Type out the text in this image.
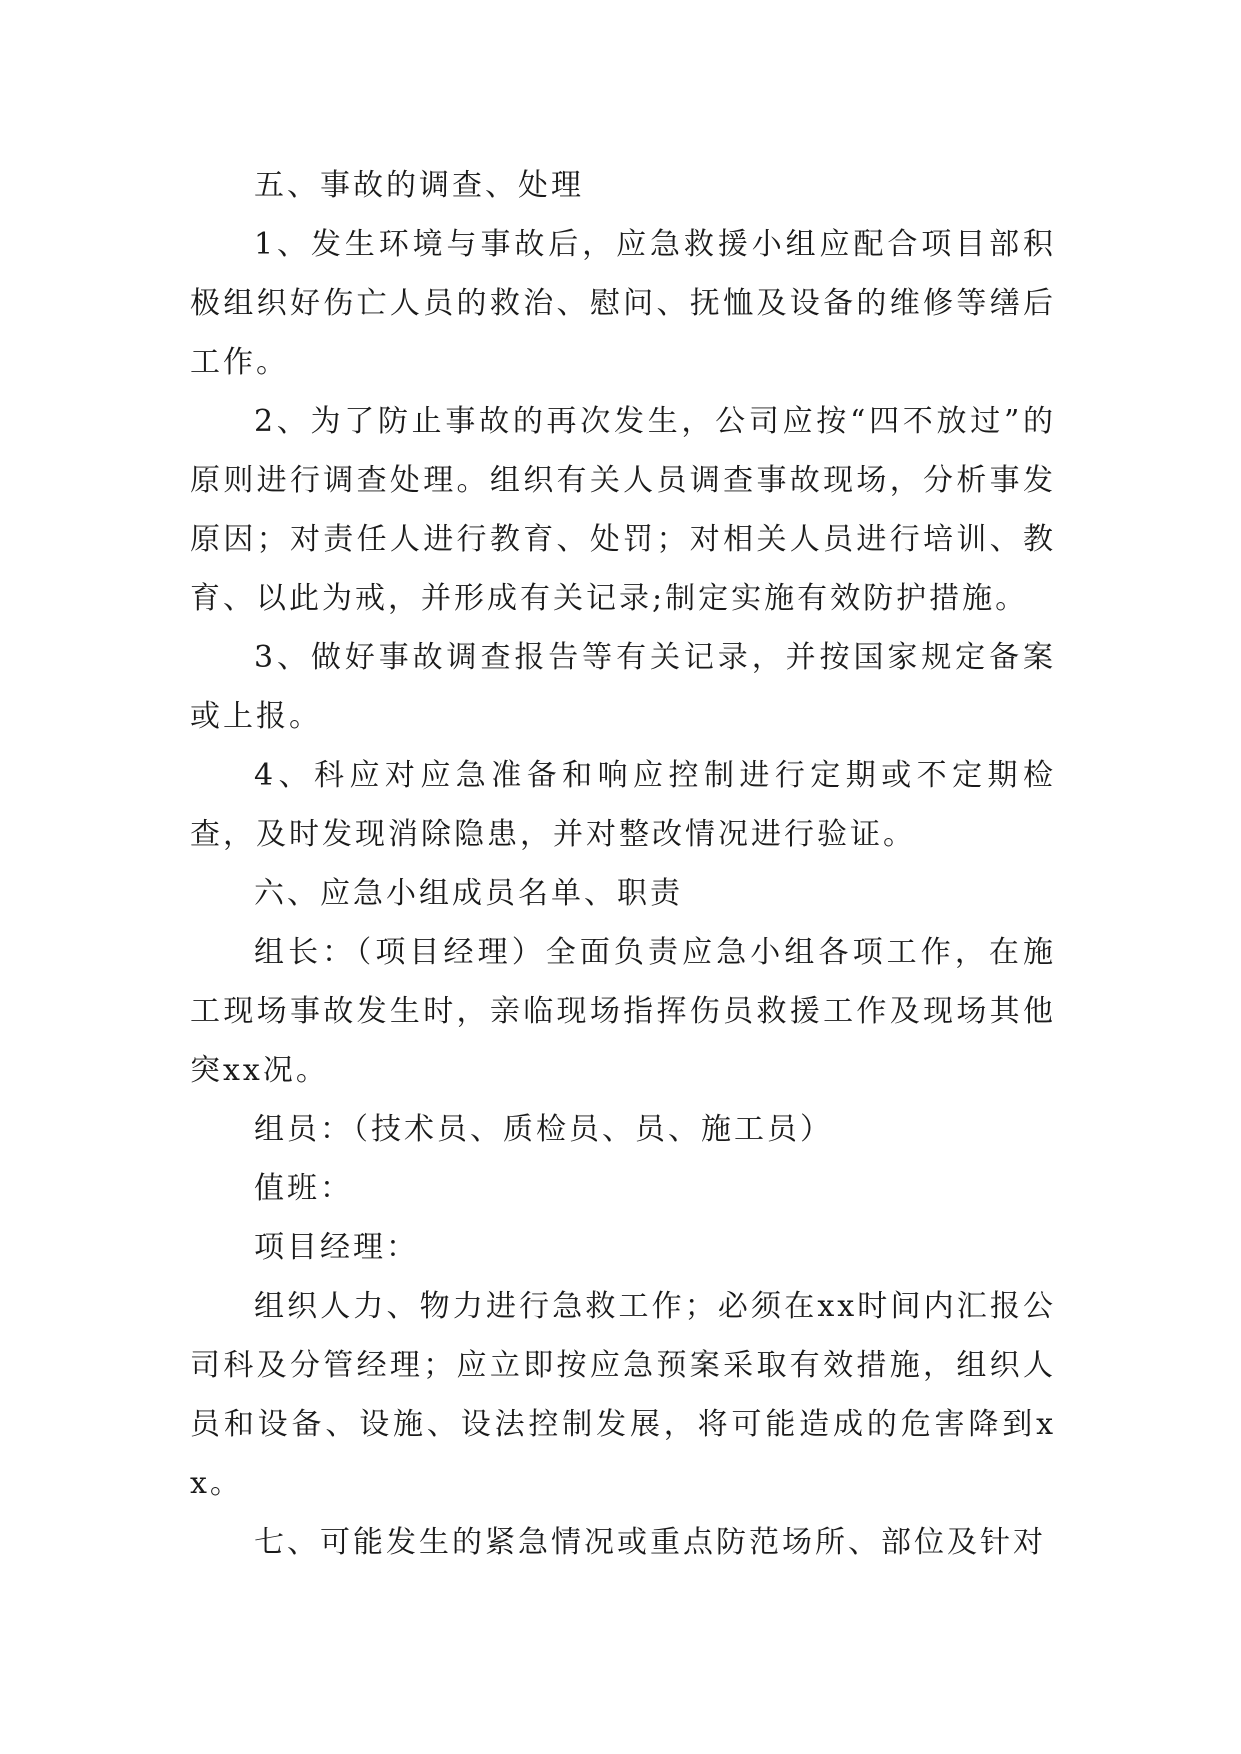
五、事故的调查、处理

1、发生环境与事故后，应急救援小组应配合项目部积极组织好伤亡人员的救治、慰问、抚恤及设备的维修等缮后工作。

2、为了防止事故的再次发生，公司应按“四不放过”的原则进行调查处理。组织有关人员调查事故现场，分析事发原因；对责任人进行教育、处罚；对相关人员进行培训、教育、以此为戒，并形成有关记录;制定实施有效防护措施。

3、做好事故调查报告等有关记录，并按国家规定备案或上报。

4、科应对应急准备和响应控制进行定期或不定期检查，及时发现消除隐患，并对整改情况进行验证。

六、应急小组成员名单、职责

组长：（项目经理）全面负责应急小组各项工作，在施工现场事故发生时，亲临现场指挥伤员救援工作及现场其他突xx况。

组员：（技术员、质检员、员、施工员）

值班：

项目经理：

组织人力、物力进行急救工作；必须在xx时间内汇报公司科及分管经理；应立即按应急预案采取有效措施，组织人员和设备、设施、设法控制发展，将可能造成的危害降到xx。

七、可能发生的紧急情况或重点防范场所、部位及针对
